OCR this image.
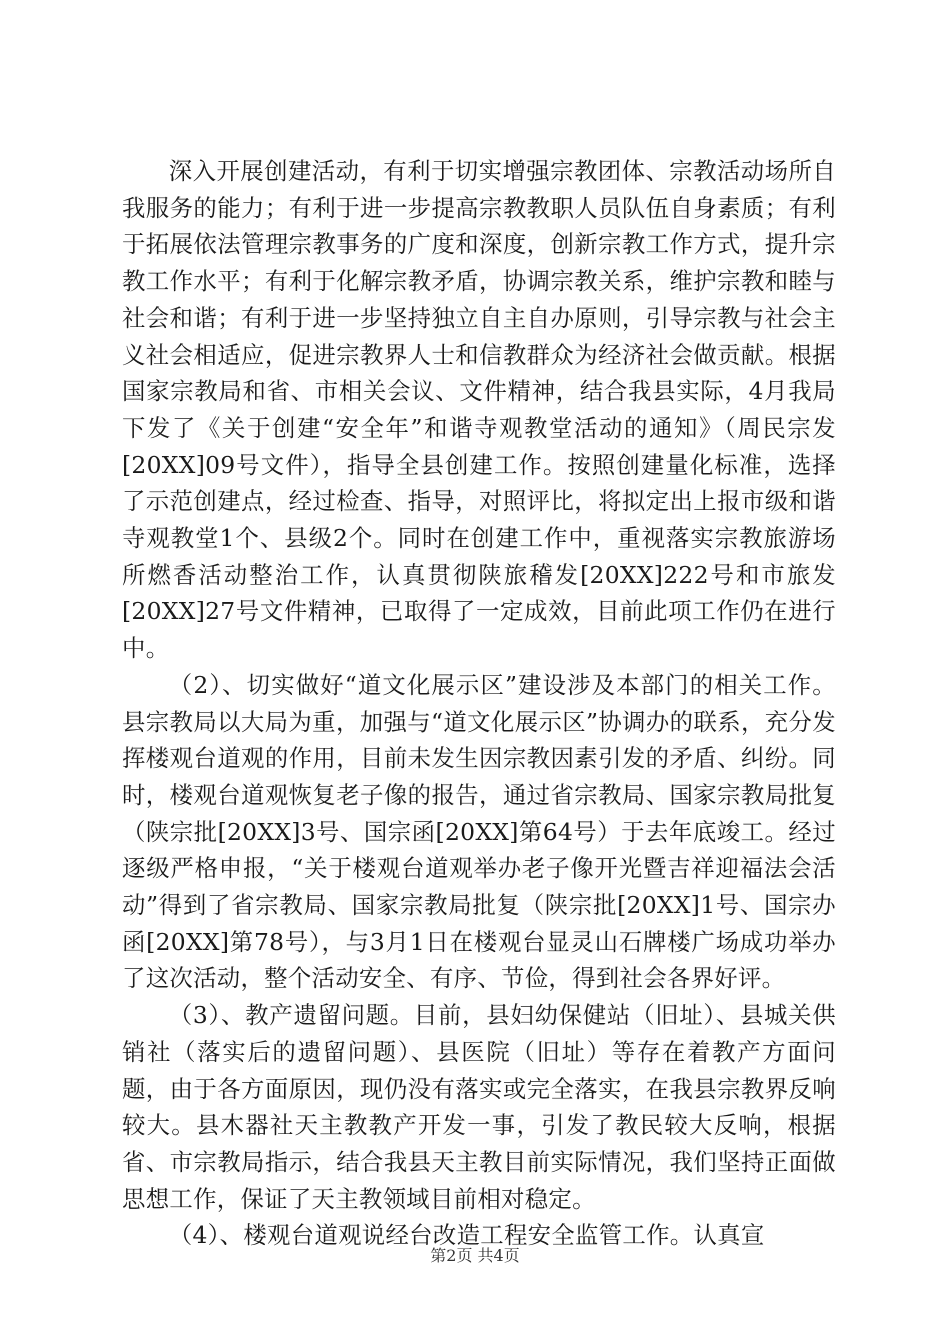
深入开展创建活动，有利于切实增强宗教团体、宗教活动场所自我服务的能力；有利于进一步提高宗教教职人员队伍自身素质；有利于拓展依法管理宗教事务的广度和深度，创新宗教工作方式，提升宗教工作水平；有利于化解宗教矛盾，协调宗教关系，维护宗教和睦与社会和谐；有利于进一步坚持独立自主自办原则，引导宗教与社会主义社会相适应，促进宗教界人士和信教群众为经济社会做贡献。根据国家宗教局和省、市相关会议、文件精神，结合我县实际，4月我局下发了《关于创建“安全年”和谐寺观教堂活动的通知》（周民宗发[20XX]09号文件），指导全县创建工作。按照创建量化标准，选择了示范创建点，经过检查、指导，对照评比，将拟定出上报市级和谐寺观教堂1个、县级2个。同时在创建工作中，重视落实宗教旅游场所燃香活动整治工作，认真贯彻陕旅稽发[20XX]222号和市旅发[20XX]27号文件精神，已取得了一定成效，目前此项工作仍在进行中。

（2）、切实做好“道文化展示区”建设涉及本部门的相关工作。县宗教局以大局为重，加强与“道文化展示区”协调办的联系，充分发挥楼观台道观的作用，目前未发生因宗教因素引发的矛盾、纠纷。同时，楼观台道观恢复老子像的报告，通过省宗教局、国家宗教局批复（陕宗批[20XX]3号、国宗函[20XX]第64号）于去年底竣工。经过逐级严格申报，“关于楼观台道观举办老子像开光暨吉祥迎福法会活动”得到了省宗教局、国家宗教局批复（陕宗批[20XX]1号、国宗办函[20XX]第78号），与3月1日在楼观台显灵山石牌楼广场成功举办了这次活动，整个活动安全、有序、节俭，得到社会各界好评。

（3）、教产遗留问题。目前，县妇幼保健站（旧址）、县城关供销社（落实后的遗留问题）、县医院（旧址）等存在着教产方面问题，由于各方面原因，现仍没有落实或完全落实，在我县宗教界反响较大。县木器社天主教教产开发一事，引发了教民较大反响，根据省、市宗教局指示，结合我县天主教目前实际情况，我们坚持正面做思想工作，保证了天主教领域目前相对稳定。

（4）、楼观台道观说经台改造工程安全监管工作。认真宣

第2页 共4页
